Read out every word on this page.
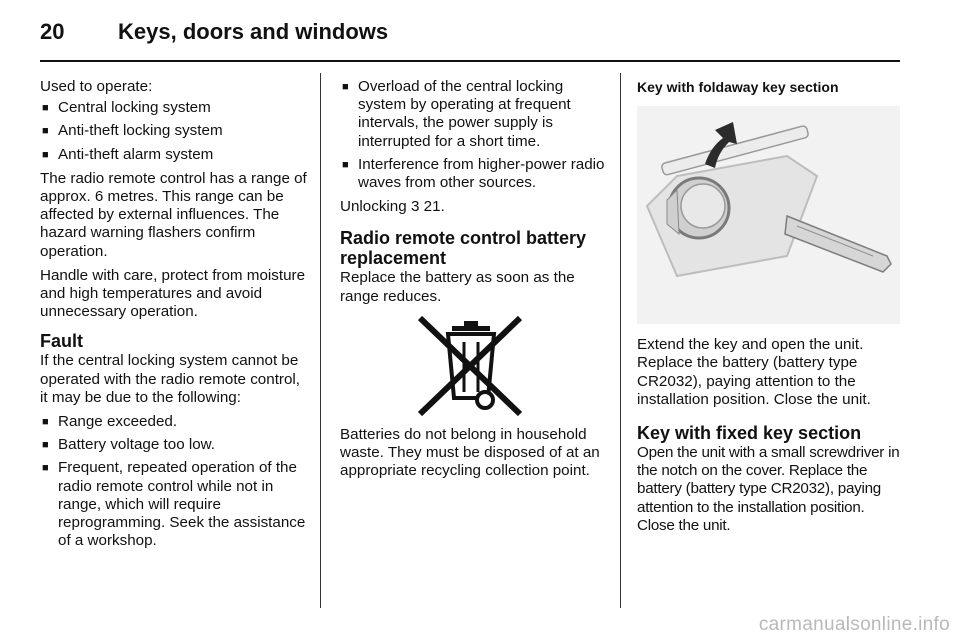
20 Keys, doors and windows

Used to operate:

■ Central locking system
■ Anti-theft locking system
■ Anti-theft alarm system

The radio remote control has a range of approx. 6 metres. This range can be affected by external influences. The hazard warning flashers confirm operation.

Handle with care, protect from moisture and high temperatures and avoid unnecessary operation.

Fault

If the central locking system cannot be operated with the radio remote control, it may be due to the following:

■ Range exceeded.
■ Battery voltage too low.
■ Frequent, repeated operation of the radio remote control while not in range, which will require reprogramming. Seek the assistance of a workshop.
■ Overload of the central locking system by operating at frequent intervals, the power supply is interrupted for a short time.
■ Interference from higher-power radio waves from other sources.

Unlocking 3 21.

Radio remote control battery replacement

Replace the battery as soon as the range reduces.

Batteries do not belong in household waste. They must be disposed of at an appropriate recycling collection point.

Key with foldaway key section

Extend the key and open the unit. Replace the battery (battery type CR2032), paying attention to the installation position. Close the unit.

Key with fixed key section

Open the unit with a small screwdriver in the notch on the cover. Replace the battery (battery type CR2032), paying attention to the installation position. Close the unit.

carmanualsonline.info
